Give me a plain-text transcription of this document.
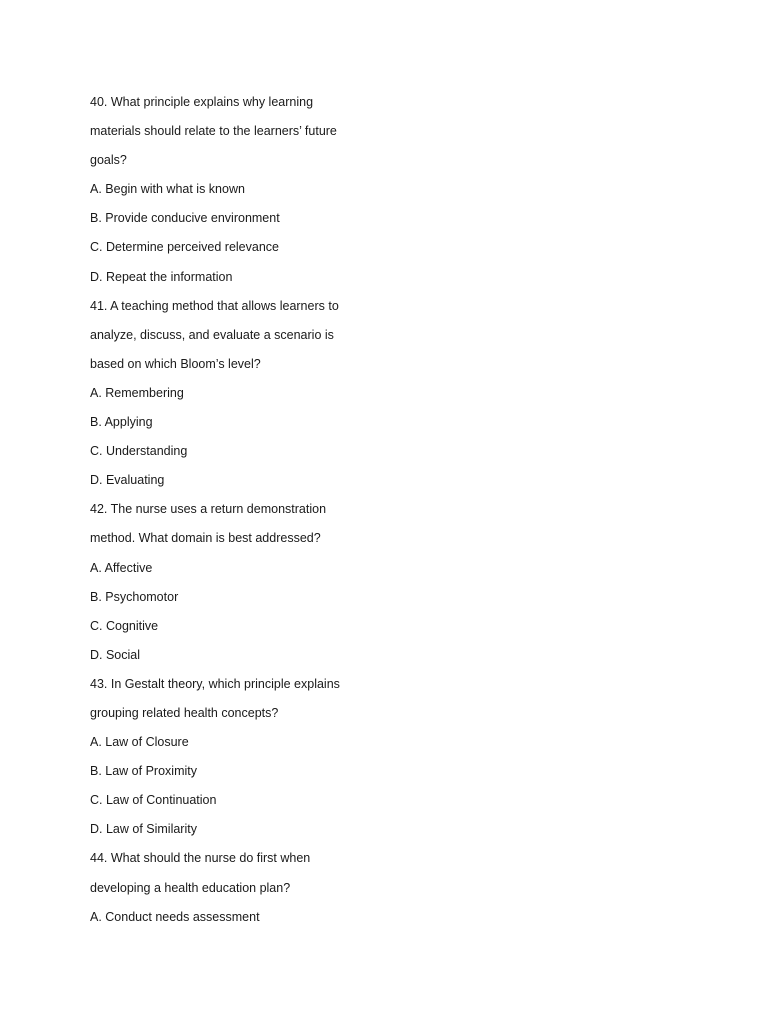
40. What principle explains why learning
materials should relate to the learners’ future
goals?
A. Begin with what is known
B. Provide conducive environment
C. Determine perceived relevance
D. Repeat the information
41. A teaching method that allows learners to
analyze, discuss, and evaluate a scenario is
based on which Bloom’s level?
A. Remembering
B. Applying
C. Understanding
D. Evaluating
42. The nurse uses a return demonstration
method. What domain is best addressed?
A. Affective
B. Psychomotor
C. Cognitive
D. Social
43. In Gestalt theory, which principle explains
grouping related health concepts?
A. Law of Closure
B. Law of Proximity
C. Law of Continuation
D. Law of Similarity
44. What should the nurse do first when
developing a health education plan?
A. Conduct needs assessment
